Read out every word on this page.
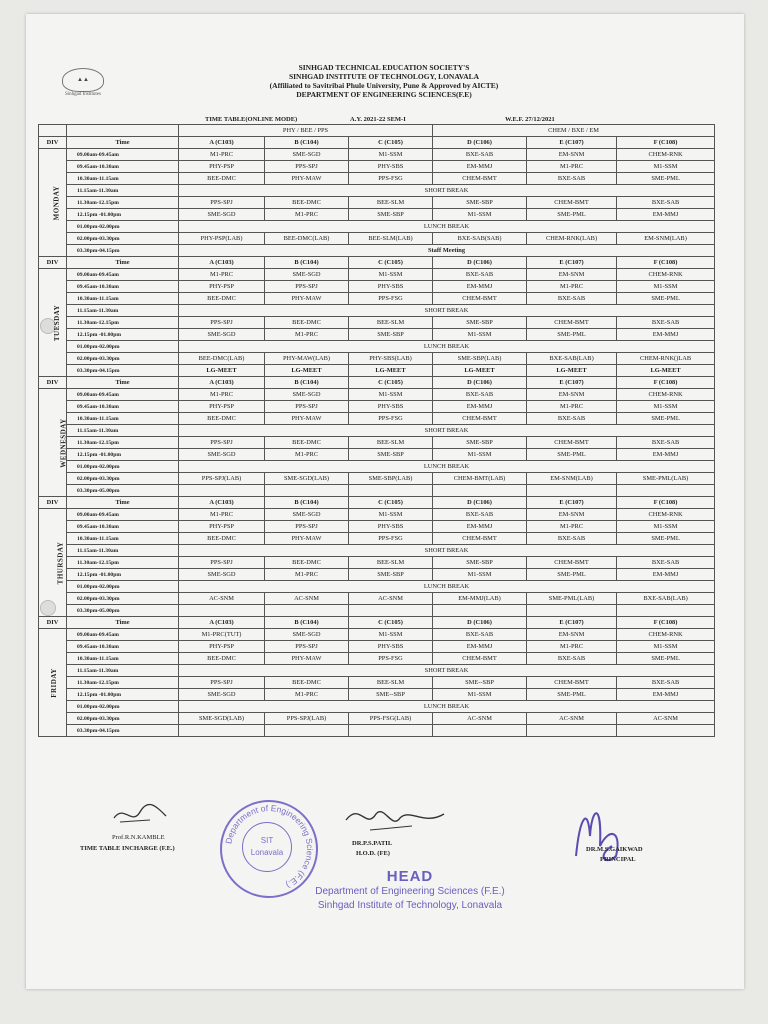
▲▲
Sinhgad Institutes
SINHGAD TECHNICAL EDUCATION SOCIETY'S
SINHGAD INSTITUTE OF TECHNOLOGY, LONAVALA
(Affiliated to Savitribai Phule University, Pune & Approved by AICTE)
DEPARTMENT OF ENGINEERING SCIENCES(F.E)
TIME TABLE(ONLINE MODE)	A.Y. 2021-22 SEM-I	W.E.F. 27/12/2021
		PHY / BEE / PPS			CHEM / BXE / EM		
DIV	Time	A (C103)	B (C104)	C (C105)	D (C106)	E (C107)	F (C108)
MONDAY	09.00am-09.45am	M1-PRC	SME-SGD	M1-SSM	BXE-SAB	EM-SNM	CHEM-RNK
	09.45am-10.30am	PHY-PSP	PPS-SPJ	PHY-SBS	EM-MMJ	M1-PRC	M1-SSM
	10.30am-11.15am	BEE-DMC	PHY-MAW	PPS-FSG	CHEM-BMT	BXE-SAB	SME-PML
	11.15am-11.30am	SHORT BREAK					
	11.30am-12.15pm	PPS-SPJ	BEE-DMC	BEE-SLM	SME-SBP	CHEM-BMT	BXE-SAB
	12.15pm -01.00pm	SME-SGD	M1-PRC	SME-SBP	M1-SSM	SME-PML	EM-MMJ
	01.00pm-02.00pm	LUNCH BREAK					
	02.00pm-03.30pm	PHY-PSP(LAB)	BEE-DMC(LAB)	BEE-SLM(LAB)	BXE-SAB(SAB)	CHEM-RNK(LAB)	EM-SNM(LAB)
	03.30pm-04.15pm	Staff Meeting					
DIV	Time	A (C103)	B (C104)	C (C105)	D (C106)	E (C107)	F (C108)
TUESDAY	09.00am-09.45am	M1-PRC	SME-SGD	M1-SSM	BXE-SAB	EM-SNM	CHEM-RNK
	09.45am-10.30am	PHY-PSP	PPS-SPJ	PHY-SBS	EM-MMJ	M1-PRC	M1-SSM
	10.30am-11.15am	BEE-DMC	PHY-MAW	PPS-FSG	CHEM-BMT	BXE-SAB	SME-PML
	11.15am-11.30am	SHORT BREAK					
	11.30am-12.15pm	PPS-SPJ	BEE-DMC	BEE-SLM	SME-SBP	CHEM-BMT	BXE-SAB
	12.15pm -01.00pm	SME-SGD	M1-PRC	SME-SBP	M1-SSM	SME-PML	EM-MMJ
	01.00pm-02.00pm	LUNCH BREAK					
	02.00pm-03.30pm	BEE-DMC(LAB)	PHY-MAW(LAB)	PHY-SBS(LAB)	SME-SBP(LAB)	BXE-SAB(LAB)	CHEM-RNK()LAB
	03.30pm-04.15pm	LG-MEET	LG-MEET	LG-MEET	LG-MEET	LG-MEET	LG-MEET
DIV	Time	A (C103)	B (C104)	C (C105)	D (C106)	E (C107)	F (C108)
WEDNESDAY	09.00am-09.45am	M1-PRC	SME-SGD	M1-SSM	BXE-SAB	EM-SNM	CHEM-RNK
	09.45am-10.30am	PHY-PSP	PPS-SPJ	PHY-SBS	EM-MMJ	M1-PRC	M1-SSM
	10.30am-11.15am	BEE-DMC	PHY-MAW	PPS-FSG	CHEM-BMT	BXE-SAB	SME-PML
	11.15am-11.30am	SHORT BREAK					
	11.30am-12.15pm	PPS-SPJ	BEE-DMC	BEE-SLM	SME-SBP	CHEM-BMT	BXE-SAB
	12.15pm -01.00pm	SME-SGD	M1-PRC	SME-SBP	M1-SSM	SME-PML	EM-MMJ
	01.00pm-02.00pm	LUNCH BREAK					
	02.00pm-03.30pm	PPS-SPJ(LAB)	SME-SGD(LAB)	SME-SBP(LAB)	CHEM-BMT(LAB)	EM-SNM(LAB)	SME-PML(LAB)
	03.30pm-05.00pm						
DIV	Time	A (C103)	B (C104)	C (C105)	D (C106)	E (C107)	F (C108)
THURSDAY	09.00am-09.45am	M1-PRC	SME-SGD	M1-SSM	BXE-SAB	EM-SNM	CHEM-RNK
	09.45am-10.30am	PHY-PSP	PPS-SPJ	PHY-SBS	EM-MMJ	M1-PRC	M1-SSM
	10.30am-11.15am	BEE-DMC	PHY-MAW	PPS-FSG	CHEM-BMT	BXE-SAB	SME-PML
	11.15am-11.30am	SHORT BREAK					
	11.30am-12.15pm	PPS-SPJ	BEE-DMC	BEE-SLM	SME-SBP	CHEM-BMT	BXE-SAB
	12.15pm -01.00pm	SME-SGD	M1-PRC	SME-SBP	M1-SSM	SME-PML	EM-MMJ
	01.00pm-02.00pm	LUNCH BREAK					
	02.00pm-03.30pm	AC-SNM	AC-SNM	AC-SNM	EM-MMJ(LAB)	SME-PML(LAB)	BXE-SAB(LAB)
	03.30pm-05.00pm						
DIV	Time	A (C103)	B (C104)	C (C105)	D (C106)	E (C107)	F (C108)
FRIDAY	09.00am-09.45am	M1-PRC(TUT)	SME-SGD	M1-SSM	BXE-SAB	EM-SNM	CHEM-RNK
	09.45am-10.30am	PHY-PSP	PPS-SPJ	PHY-SBS	EM-MMJ	M1-PRC	M1-SSM
	10.30am-11.15am	BEE-DMC	PHY-MAW	PPS-FSG	CHEM-BMT	BXE-SAB	SME-PML
	11.15am-11.30am	SHORT BREAK					
	11.30am-12.15pm	PPS-SPJ	BEE-DMC	BEE-SLM	SME--SBP	CHEM-BMT	BXE-SAB
	12.15pm -01.00pm	SME-SGD	M1-PRC	SME--SBP	M1-SSM	SME-PML	EM-MMJ
	01.00pm-02.00pm	LUNCH BREAK					
	02.00pm-03.30pm	SME-SGD(LAB)	PPS-SPJ(LAB)	PPS-FSG(LAB)	AC-SNM	AC-SNM	AC-SNM
	03.30pm-04.15pm						
Prof.R.N.KAMBLE
TIME TABLE INCHARGE (F.E.)
Department of Engineering Science (F.E.)
SIT
Lonavala
DR.P.S.PATIL
H.O.D. (FE)
DR.M.S.GAIKWAD
PRINCIPAL
HEAD
Department of Engineering Sciences (F.E.)
Sinhgad Institute of Technology, Lonavala
